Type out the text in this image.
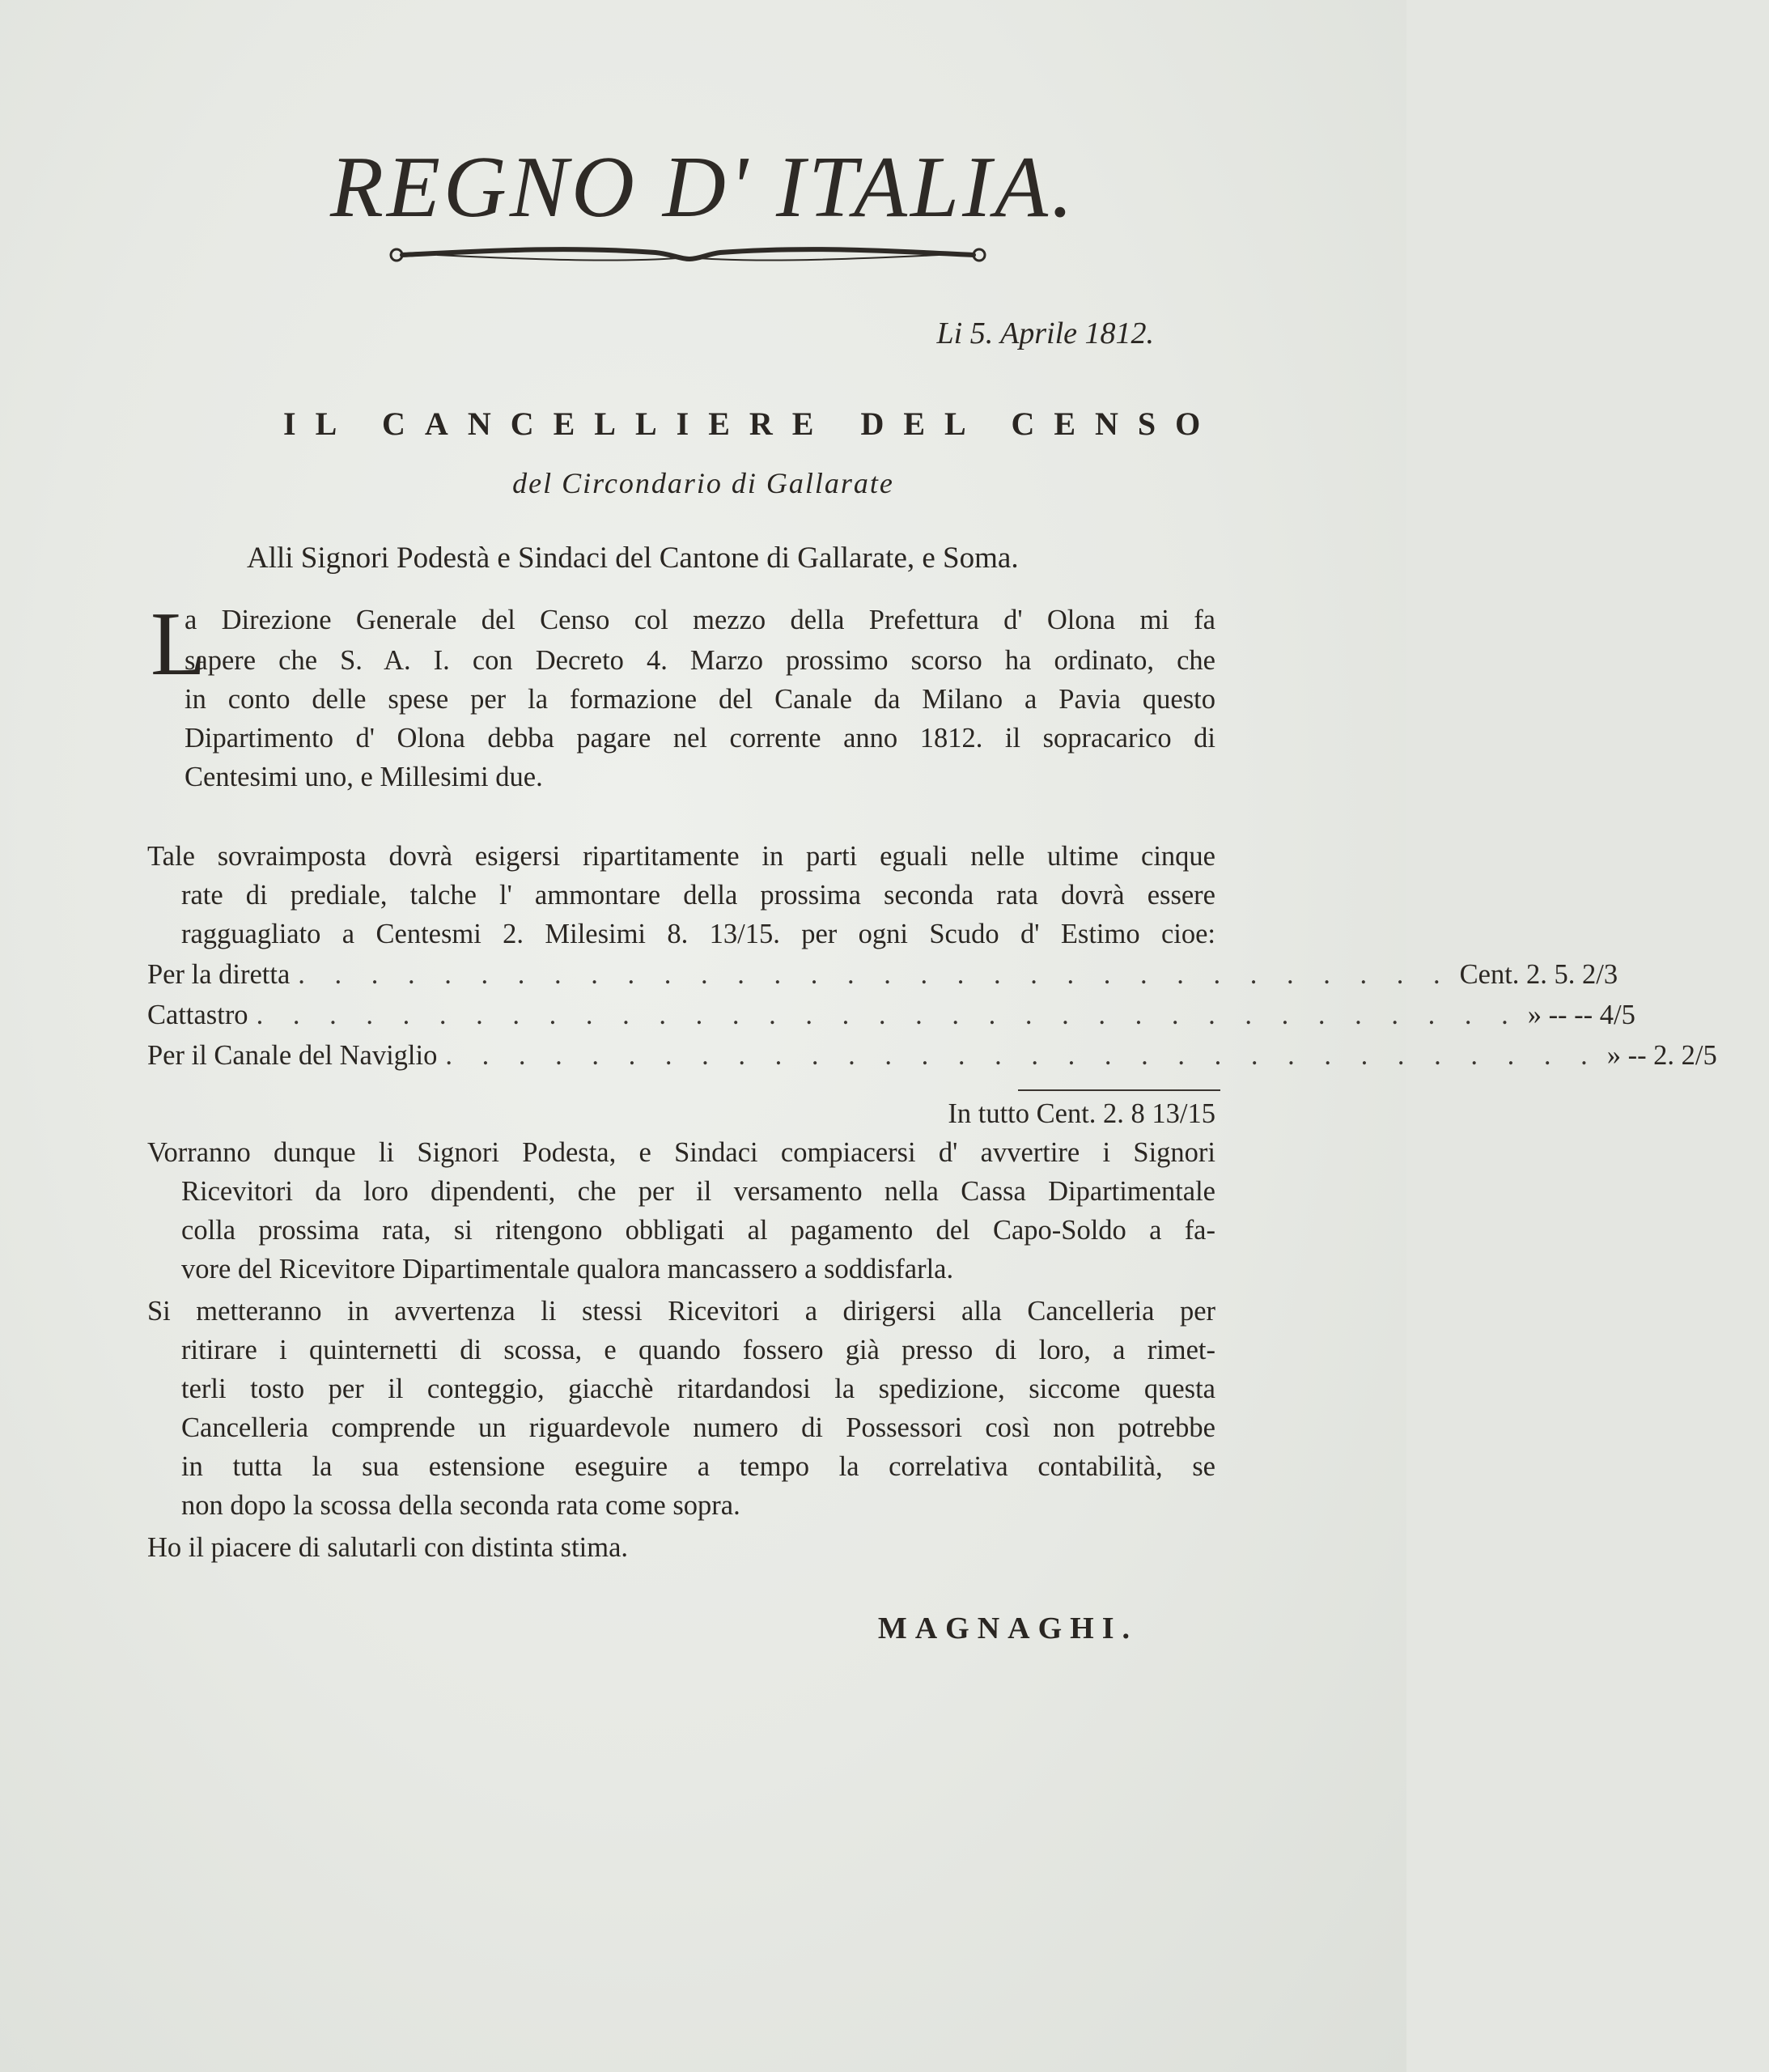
REGNO D' ITALIA.
Li 5. Aprile 1812.
IL CANCELLIERE DEL CENSO
del Circondario di Gallarate
Alli Signori Podestà e Sindaci del Cantone di Gallarate, e Soma.
L
a Direzione Generale del Censo col mezzo della Prefettura d' Olona mi fa
sapere che S. A. I. con Decreto 4. Marzo prossimo scorso ha ordinato, che
in conto delle spese per la formazione del Canale da Milano a Pavia questo
Dipartimento d' Olona debba pagare nel corrente anno 1812. il sopracarico di
Centesimi uno, e Millesimi due.
Tale sovraimposta dovrà esigersi ripartitamente in parti eguali nelle ultime cinque
rate di prediale, talche l' ammontare della prossima seconda rata dovrà essere
ragguagliato a Centesmi 2. Milesimi 8. 13/15. per ogni Scudo d' Estimo cioe:
Per la diretta . . . . . . . . . . . . . . . . . . . . . . . . . . . . . . . . Cent. 2. 5. 2/3
Cattastro . . . . . . . . . . . . . . . . . . . . . . . . . . . . . . . . . . . » -- -- 4/5
Per il Canale del Naviglio . . . . . . . . . . . . . . . . . . . . . . . . . . . . . . . . » -- 2. 2/5
In tutto Cent. 2. 8 13/15
Vorranno dunque li Signori Podesta, e Sindaci compiacersi d' avvertire i Signori
Ricevitori da loro dipendenti, che per il versamento nella Cassa Dipartimentale
colla prossima rata, si ritengono obbligati al pagamento del Capo-Soldo a fa-
vore del Ricevitore Dipartimentale qualora mancassero a soddisfarla.
Si metteranno in avvertenza li stessi Ricevitori a dirigersi alla Cancelleria per
ritirare i quinternetti di scossa, e quando fossero già presso di loro, a rimet-
terli tosto per il conteggio, giacchè ritardandosi la spedizione, siccome questa
Cancelleria comprende un riguardevole numero di Possessori così non potrebbe
in tutta la sua estensione eseguire a tempo la correlativa contabilità, se
non dopo la scossa della seconda rata come sopra.
Ho il piacere di salutarli con distinta stima.
MAGNAGHI.
